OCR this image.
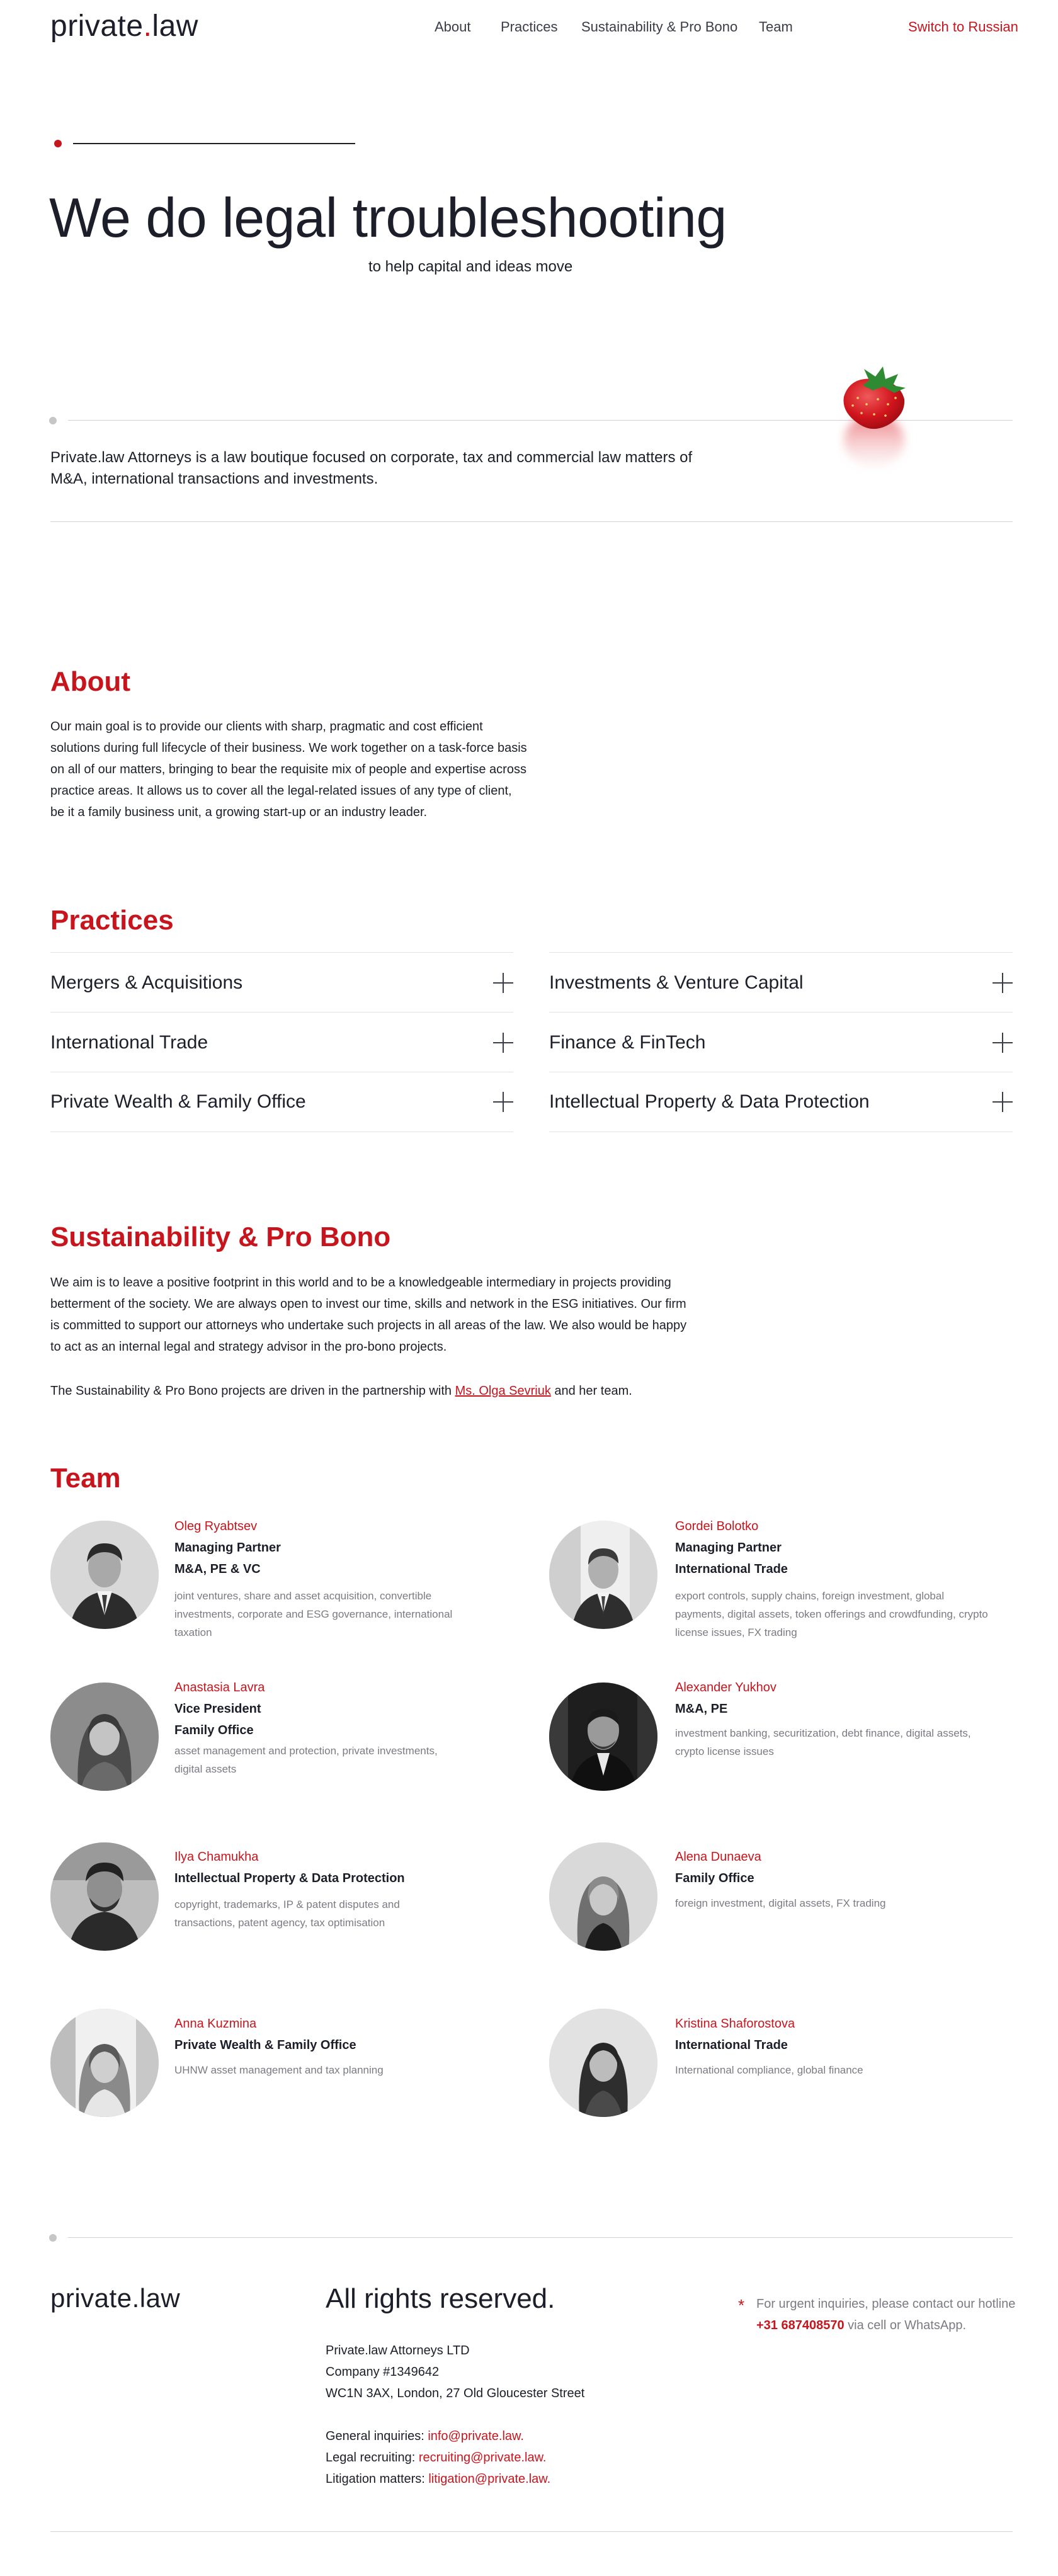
private.law	About Practices Sustainability & Pro Bono Team	Switch to Russian
We do legal troubleshooting
to help capital and ideas move

Private.law Attorneys is a law boutique focused on corporate, tax and commercial law matters of M&A, international transactions and investments.

About

Our main goal is to provide our clients with sharp, pragmatic and cost efficient solutions during full lifecycle of their business. We work together on a task-force basis on all of our matters, bringing to bear the requisite mix of people and expertise across practice areas. It allows us to cover all the legal-related issues of any type of client, be it a family business unit, a growing start-up or an industry leader.

Practices
Mergers & Acquisitions	Investments & Venture Capital
International Trade	Finance & FinTech
Private Wealth & Family Office	Intellectual Property & Data Protection
Sustainability & Pro Bono

We aim is to leave a positive footprint in this world and to be a knowledgeable intermediary in projects providing betterment of the society. We are always open to invest our time, skills and network in the ESG initiatives. Our firm is committed to support our attorneys who undertake such projects in all areas of the law. We also would be happy to act as an internal legal and strategy advisor in the pro-bono projects.

The Sustainability & Pro Bono projects are driven in the partnership with Ms. Olga Sevriuk and her team.

Team
Oleg Ryabtsev
Managing Partner
M&A, PE & VC
joint ventures, share and asset acquisition, convertible investments, corporate and ESG governance, international taxation
Gordei Bolotko
Managing Partner
International Trade
export controls, supply chains, foreign investment, global payments, digital assets, token offerings and crowdfunding, crypto license issues, FX trading
Anastasia Lavra
Vice President
Family Office
asset management and protection, private investments, digital assets
Alexander Yukhov
M&A, PE
investment banking, securitization, debt finance, digital assets, crypto license issues
Ilya Chamukha
Intellectual Property & Data Protection
copyright, trademarks, IP & patent disputes and transactions, patent agency, tax optimisation
Alena Dunaeva
Family Office
foreign investment, digital assets, FX trading
Anna Kuzmina
Private Wealth & Family Office
UHNW asset management and tax planning
Kristina Shaforostova
International Trade
International compliance, global finance
private.law	All rights reserved.
Private.law Attorneys LTD
Company #1349642
WC1N 3AX, London, 27 Old Gloucester Street
General inquiries: info@private.law.
Legal recruiting: recruiting@private.law.
Litigation matters: litigation@private.law.
* For urgent inquiries, please contact our hotline +31 687408570 via cell or WhatsApp.
